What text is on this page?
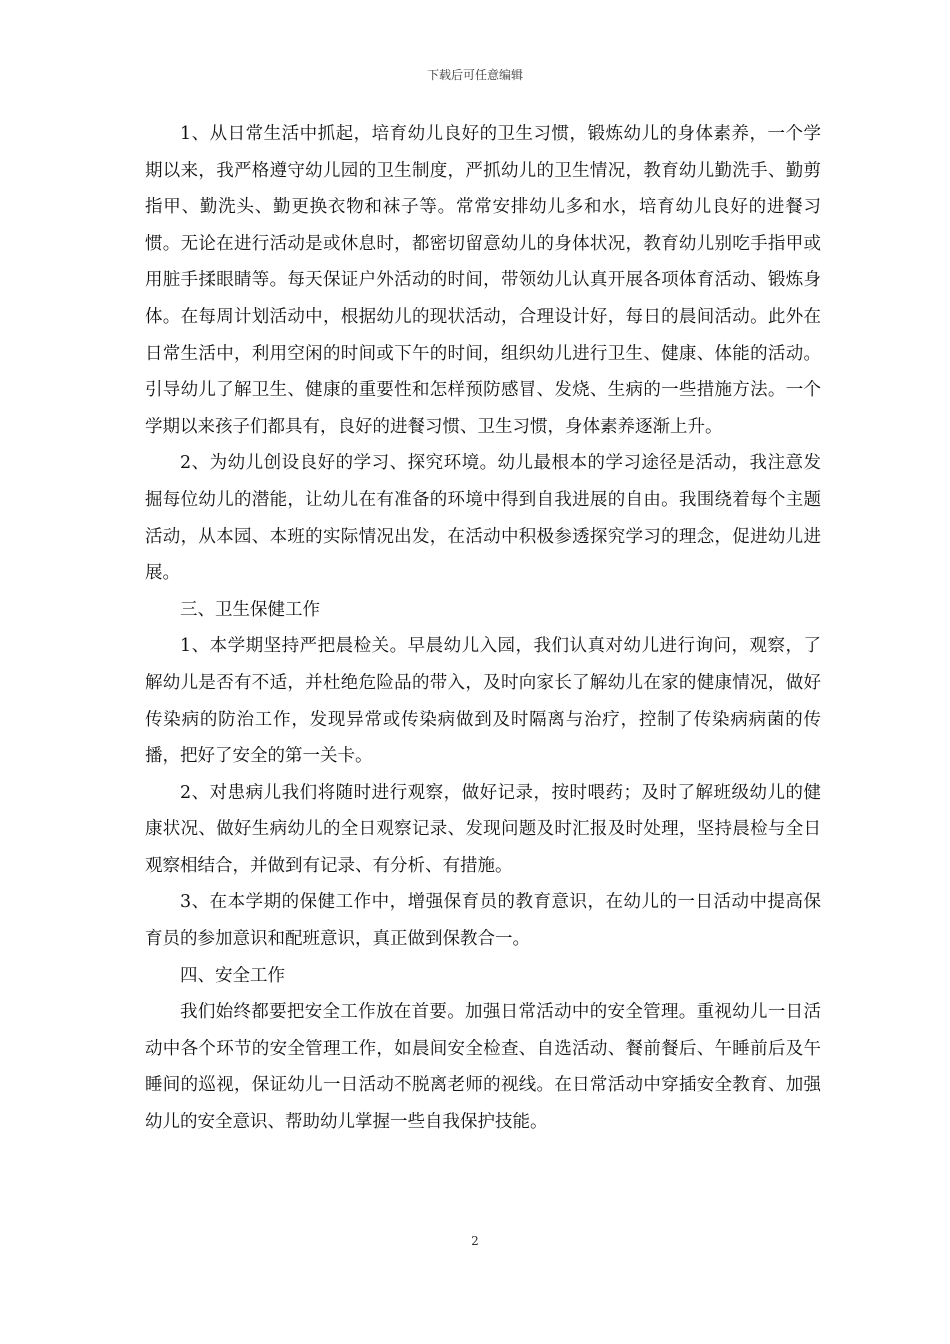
下载后可任意编辑

1、从日常生活中抓起，培育幼儿良好的卫生习惯，锻炼幼儿的身体素养，一个学期以来，我严格遵守幼儿园的卫生制度，严抓幼儿的卫生情况，教育幼儿勤洗手、勤剪指甲、勤洗头、勤更换衣物和袜子等。常常安排幼儿多和水，培育幼儿良好的进餐习惯。无论在进行活动是或休息时，都密切留意幼儿的身体状况，教育幼儿别吃手指甲或用脏手揉眼睛等。每天保证户外活动的时间，带领幼儿认真开展各项体育活动、锻炼身体。在每周计划活动中，根据幼儿的现状活动，合理设计好，每日的晨间活动。此外在日常生活中，利用空闲的时间或下午的时间，组织幼儿进行卫生、健康、体能的活动。引导幼儿了解卫生、健康的重要性和怎样预防感冒、发烧、生病的一些措施方法。一个学期以来孩子们都具有，良好的进餐习惯、卫生习惯，身体素养逐渐上升。

2、为幼儿创设良好的学习、探究环境。幼儿最根本的学习途径是活动，我注意发掘每位幼儿的潜能，让幼儿在有准备的环境中得到自我进展的自由。我围绕着每个主题活动，从本园、本班的实际情况出发，在活动中积极参透探究学习的理念，促进幼儿进展。

三、卫生保健工作

1、本学期坚持严把晨检关。早晨幼儿入园，我们认真对幼儿进行询问，观察，了解幼儿是否有不适，并杜绝危险品的带入，及时向家长了解幼儿在家的健康情况，做好传染病的防治工作，发现异常或传染病做到及时隔离与治疗，控制了传染病病菌的传播，把好了安全的第一关卡。

2、对患病儿我们将随时进行观察，做好记录，按时喂药；及时了解班级幼儿的健康状况、做好生病幼儿的全日观察记录、发现问题及时汇报及时处理，坚持晨检与全日观察相结合，并做到有记录、有分析、有措施。

3、在本学期的保健工作中，增强保育员的教育意识，在幼儿的一日活动中提高保育员的参加意识和配班意识，真正做到保教合一。

四、安全工作

我们始终都要把安全工作放在首要。加强日常活动中的安全管理。重视幼儿一日活动中各个环节的安全管理工作，如晨间安全检查、自选活动、餐前餐后、午睡前后及午睡间的巡视，保证幼儿一日活动不脱离老师的视线。在日常活动中穿插安全教育、加强幼儿的安全意识、帮助幼儿掌握一些自我保护技能。

2
